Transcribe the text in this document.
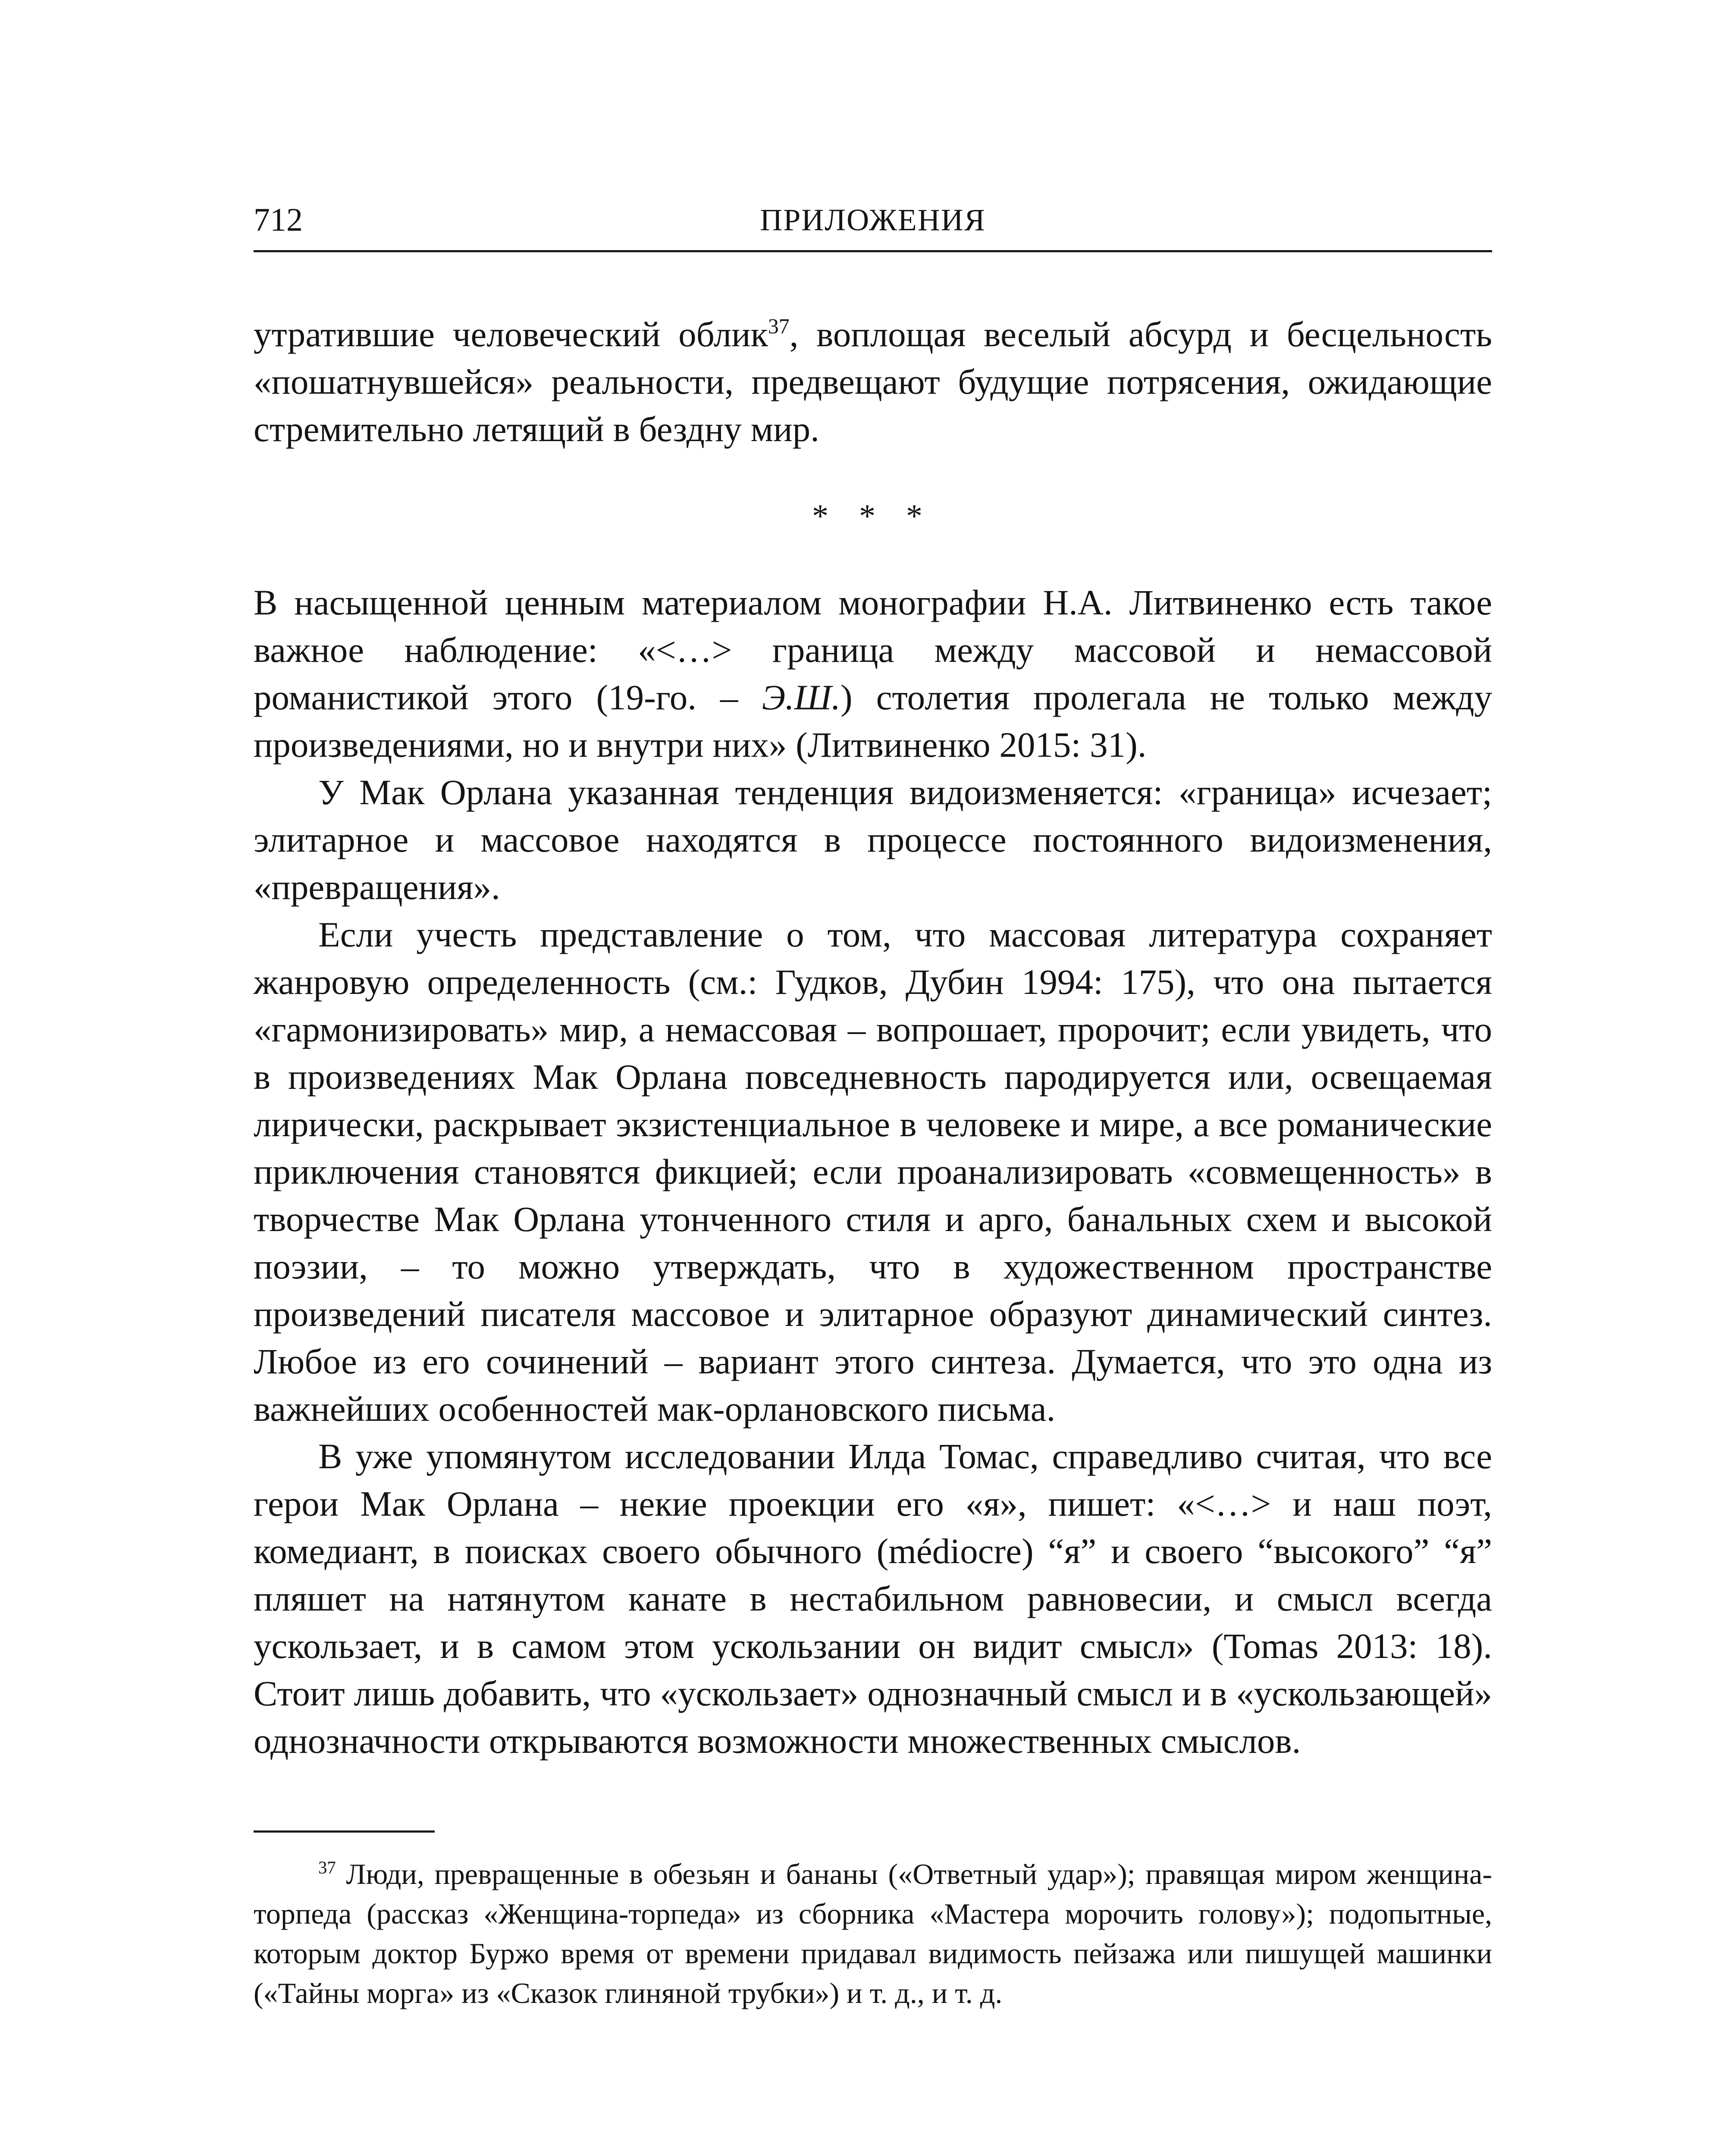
712	ПРИЛОЖЕНИЯ

утратившие человеческий облик$^{37}$, воплощая веселый абсурд и бесцельность «пошатнувшейся» реальности, предвещают будущие потрясения, ожидающие стремительно летящий в бездну мир.

* * *

В насыщенной ценным материалом монографии Н.А. Литвиненко есть такое важное наблюдение: «<…> граница между массовой и немассовой романистикой этого (19-го. – Э.Ш.) столетия пролегала не только между произведениями, но и внутри них» (Литвиненко 2015: 31).

У Мак Орлана указанная тенденция видоизменяется: «граница» исчезает; элитарное и массовое находятся в процессе постоянного видоизменения, «превращения».

Если учесть представление о том, что массовая литература сохраняет жанровую определенность (см.: Гудков, Дубин 1994: 175), что она пытается «гармонизировать» мир, а немассовая – вопрошает, пророчит; если увидеть, что в произведениях Мак Орлана повседневность пародируется или, освещаемая лирически, раскрывает экзистенциальное в человеке и мире, а все романические приключения становятся фикцией; если проанализировать «совмещенность» в творчестве Мак Орлана утонченного стиля и арго, банальных схем и высокой поэзии, – то можно утверждать, что в художественном пространстве произведений писателя массовое и элитарное образуют динамический синтез. Любое из его сочинений – вариант этого синтеза. Думается, что это одна из важнейших особенностей мак-орлановского письма.

В уже упомянутом исследовании Илда Томас, справедливо считая, что все герои Мак Орлана – некие проекции его «я», пишет: «<…> и наш поэт, комедиант, в поисках своего обычного (médiocre) “я” и своего “высокого” “я” пляшет на натянутом канате в нестабильном равновесии, и смысл всегда ускользает, и в самом этом ускользании он видит смысл» (Tomas 2013: 18). Стоит лишь добавить, что «ускользает» однозначный смысл и в «ускользающей» однозначности открываются возможности множественных смыслов.

$^{37}$ Люди, превращенные в обезьян и бананы («Ответный удар»); правящая миром женщина-торпеда (рассказ «Женщина-торпеда» из сборника «Мастера морочить голову»); подопытные, которым доктор Буржо время от времени придавал видимость пейзажа или пишущей машинки («Тайны морга» из «Сказок глиняной трубки») и т. д., и т. д.
